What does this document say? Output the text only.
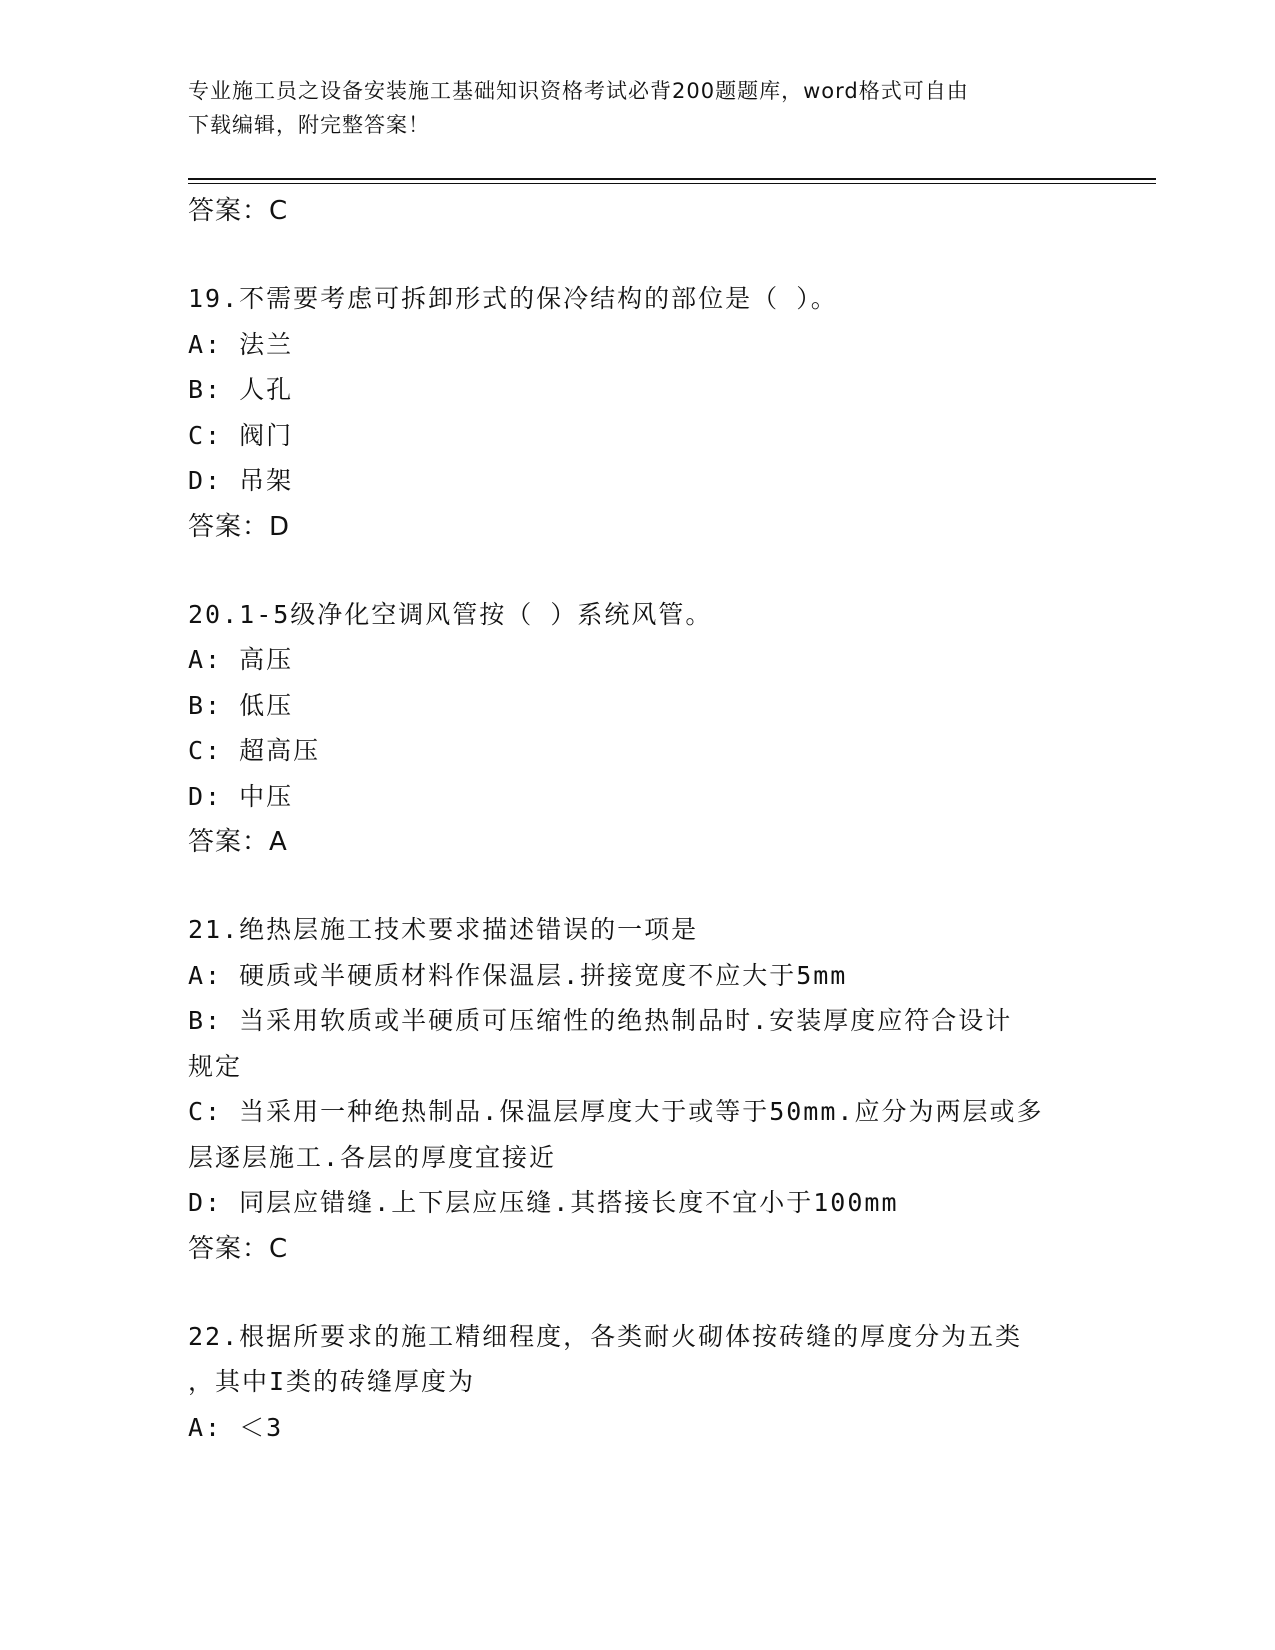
专业施工员之设备安装施工基础知识资格考试必背200题题库，word格式可自由
下载编辑，附完整答案！
答案：C
19.不需要考虑可拆卸形式的保冷结构的部位是（ ）。
A: 法兰
B: 人孔
C: 阀门
D: 吊架
答案：D
20.1-5级净化空调风管按（ ）系统风管。
A: 高压
B: 低压
C: 超高压
D: 中压
答案：A
21.绝热层施工技术要求描述错误的一项是
A: 硬质或半硬质材料作保温层.拼接宽度不应大于5mm
B: 当采用软质或半硬质可压缩性的绝热制品时.安装厚度应符合设计
规定
C: 当采用一种绝热制品.保温层厚度大于或等于50mm.应分为两层或多
层逐层施工.各层的厚度宜接近
D: 同层应错缝.上下层应压缝.其搭接长度不宜小于100mm
答案：C
22.根据所要求的施工精细程度，各类耐火砌体按砖缝的厚度分为五类
，其中I类的砖缝厚度为
A: ＜3
